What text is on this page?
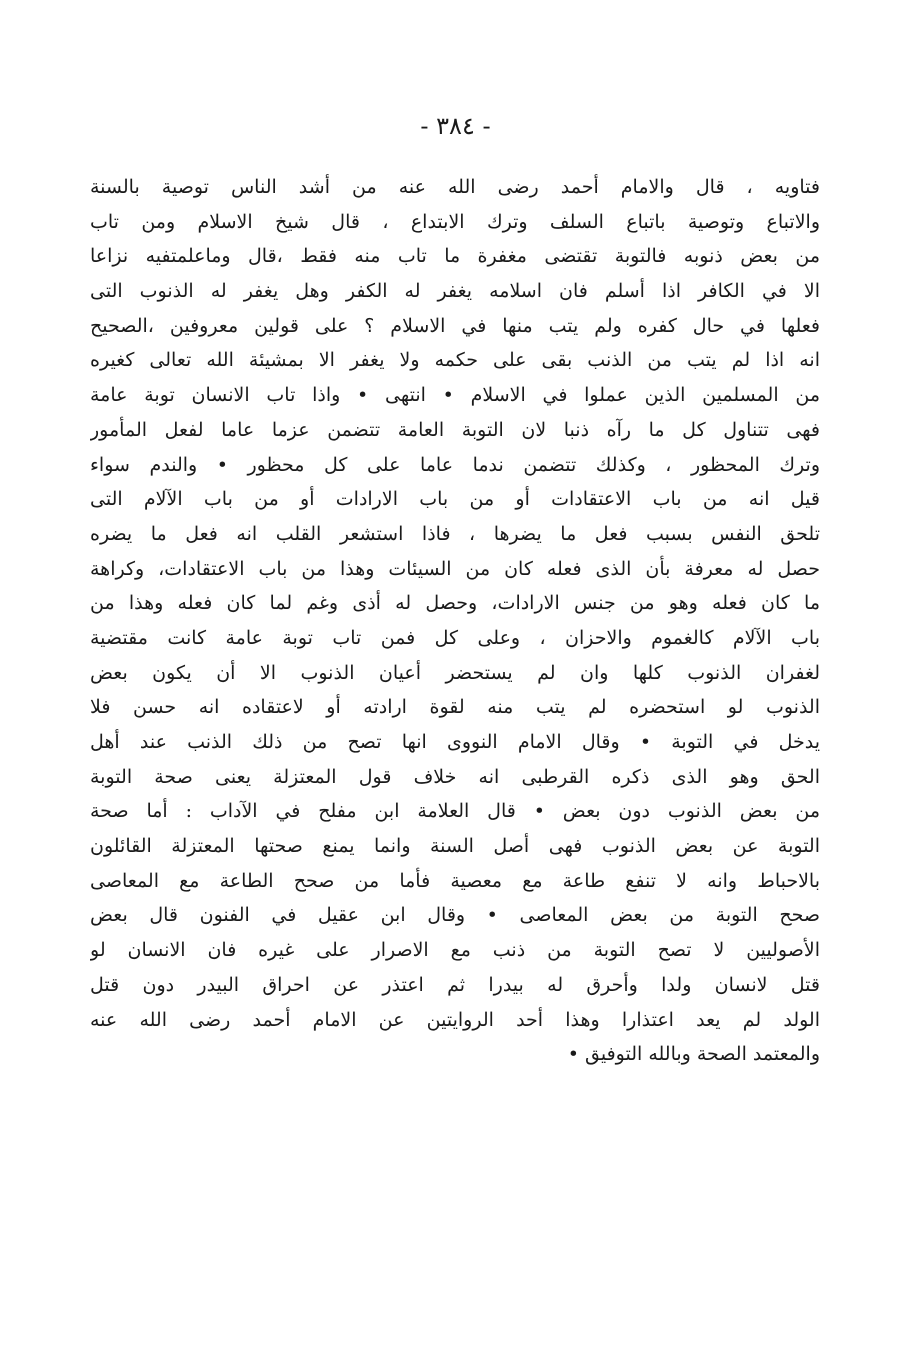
- ٣٨٤ -
فتاويه ، قال والامام أحمد رضى الله عنه من أشد الناس توصية بالسنة
والاتباع وتوصية باتباع السلف وترك الابتداع ، قال شيخ الاسلام ومن تاب
من بعض ذنوبه فالتوبة تقتضى مغفرة ما تاب منه فقط ،قال وماعلمتفيه نزاعا
الا في الكافر اذا أسلم فان اسلامه يغفر له الكفر وهل يغفر له الذنوب التى
فعلها في حال كفره ولم يتب منها في الاسلام ؟ على قولين معروفين ،الصحيح
انه اذا لم يتب من الذنب بقى على حكمه ولا يغفر الا بمشيئة الله تعالى كغيره
من المسلمين الذين عملوا في الاسلام • انتهى • واذا تاب الانسان توبة عامة
فهى تتناول كل ما رآه ذنبا لان التوبة العامة تتضمن عزما عاما لفعل المأمور
وترك المحظور ، وكذلك تتضمن ندما عاما على كل محظور • والندم سواء
قيل انه من باب الاعتقادات أو من باب الارادات أو من باب الآلام التى
تلحق النفس بسبب فعل ما يضرها ، فاذا استشعر القلب انه فعل ما يضره
حصل له معرفة بأن الذى فعله كان من السيئات وهذا من باب الاعتقادات، وكراهة
ما كان فعله وهو من جنس الارادات، وحصل له أذى وغم لما كان فعله وهذا من
باب الآلام كالغموم والاحزان ، وعلى كل فمن تاب توبة عامة كانت مقتضية
لغفران الذنوب كلها وان لم يستحضر أعيان الذنوب الا أن يكون بعض
الذنوب لو استحضره لم يتب منه لقوة ارادته أو لاعتقاده انه حسن فلا
يدخل في التوبة • وقال الامام النووى انها تصح من ذلك الذنب عند أهل
الحق وهو الذى ذكره القرطبى انه خلاف قول المعتزلة يعنى صحة التوبة
من بعض الذنوب دون بعض • قال العلامة ابن مفلح في الآداب : أما صحة
التوبة عن بعض الذنوب فهى أصل السنة وانما يمنع صحتها المعتزلة القائلون
بالاحباط وانه لا تنفع طاعة مع معصية فأما من صحح الطاعة مع المعاصى
صحح التوبة من بعض المعاصى • وقال ابن عقيل في الفنون قال بعض
الأصوليين لا تصح التوبة من ذنب مع الاصرار على غيره فان الانسان لو
قتل لانسان ولدا وأحرق له بيدرا ثم اعتذر عن احراق البيدر دون قتل
الولد لم يعد اعتذارا وهذا أحد الروايتين عن الامام أحمد رضى الله عنه
والمعتمد الصحة وبالله التوفيق •
